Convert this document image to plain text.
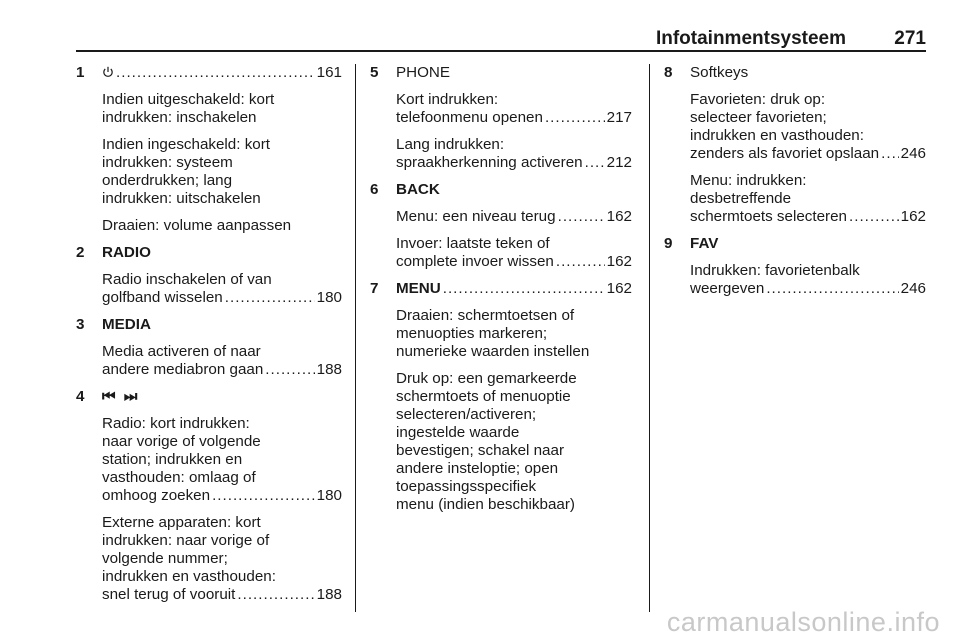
Infotainmentsysteem	271
1 .....	161
Indien uitgeschakeld: kort
indrukken: inschakelen
Indien ingeschakeld: kort
indrukken: systeem
onderdrukken; lang
indrukken: uitschakelen
Draaien: volume aanpassen
2	RADIO
Radio inschakelen of van
golfband wisselen .....	180
3	MEDIA
Media activeren of naar
andere mediabron gaan .....	188
4	⏮ ⏭
Radio: kort indrukken:
naar vorige of volgende
station; indrukken en
vasthouden: omlaag of
omhoog zoeken .....	180
Externe apparaten: kort
indrukken: naar vorige of
volgende nummer;
indrukken en vasthouden:
snel terug of vooruit .....	188
5	PHONE
Kort indrukken:
telefoonmenu openen .....	217
Lang indrukken:
spraakherkenning activeren ..... 212
6	BACK
Menu: een niveau terug .....	162
Invoer: laatste teken of
complete invoer wissen .....	162
7	MENU .....	162
Draaien: schermtoetsen of
menuopties markeren;
numerieke waarden instellen
Druk op: een gemarkeerde
schermtoets of menuoptie
selecteren/activeren;
ingestelde waarde
bevestigen; schakel naar
andere insteloptie; open
toepassingsspecifiek
menu (indien beschikbaar)
8	Softkeys
Favorieten: druk op:
selecteer favorieten;
indrukken en vasthouden:
zenders als favoriet opslaan ..... 246
Menu: indrukken:
desbetreffende
schermtoets selecteren .....	162
9	FAV
Indrukken: favorietenbalk
weergeven .....	246
carmanualsonline.info
